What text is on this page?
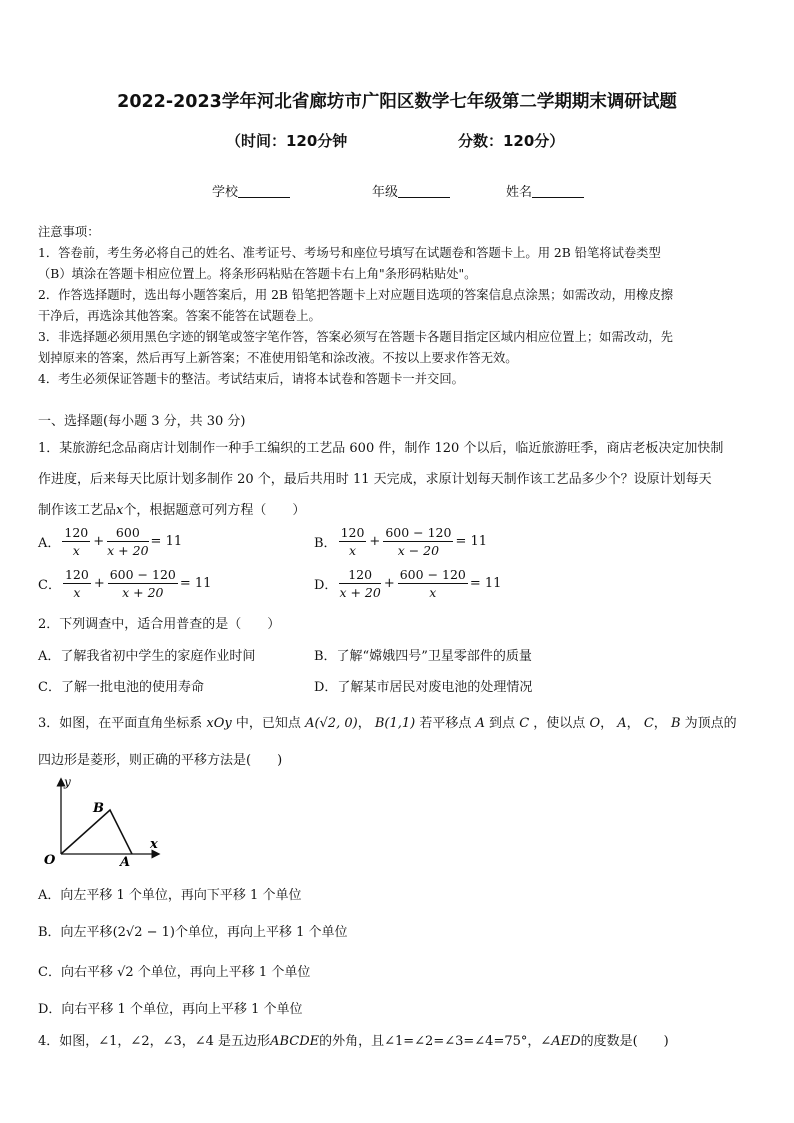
2022-2023学年河北省廊坊市广阳区数学七年级第二学期期末调研试题
（时间：120分钟	分数：120分）
学校	年级	姓名
注意事项：
1．答卷前，考生务必将自己的姓名、准考证号、考场号和座位号填写在试题卷和答题卡上。用 2B 铅笔将试卷类型
（B）填涂在答题卡相应位置上。将条形码粘贴在答题卡右上角"条形码粘贴处"。
2．作答选择题时，选出每小题答案后，用 2B 铅笔把答题卡上对应题目选项的答案信息点涂黑；如需改动，用橡皮擦
干净后，再选涂其他答案。答案不能答在试题卷上。
3．非选择题必须用黑色字迹的钢笔或签字笔作答，答案必须写在答题卡各题目指定区域内相应位置上；如需改动，先
划掉原来的答案，然后再写上新答案；不准使用铅笔和涂改液。不按以上要求作答无效。
4．考生必须保证答题卡的整洁。考试结束后，请将本试卷和答题卡一并交回。
一、选择题(每小题 3 分，共 30 分)
1．某旅游纪念品商店计划制作一种手工编织的工艺品 600 件，制作 120 个以后，临近旅游旺季，商店老板决定加快制
作进度，后来每天比原计划多制作 20 个，最后共用时 11 天完成，求原计划每天制作该工艺品多少个？设原计划每天
制作该工艺品x个，根据题意可列方程（　　）
A． $\frac{120}{x} + \frac{600}{x + 20} = 11$	B． $\frac{120}{x} + \frac{600 - 120}{x - 20} = 11$
C． $\frac{120}{x} + \frac{600 - 120}{x + 20} = 11$	D． $\frac{120}{x + 20} + \frac{600 - 120}{x} = 11$
2．下列调查中，适合用普查的是（　　）
A．了解我省初中学生的家庭作业时间	B．了解“嫦娥四号”卫星零部件的质量
C．了解一批电池的使用寿命	D．了解某市居民对废电池的处理情况
3．如图，在平面直角坐标系 xOy 中，已知点 A(√2, 0)， B(1,1) 若平移点 A 到点 C ，使以点 O， A， C， B 为顶点的
四边形是菱形，则正确的平移方法是(　　)
y
x
O	A
B
A．向左平移 1 个单位，再向下平移 1 个单位
B．向左平移(2√2 − 1)个单位，再向上平移 1 个单位
C．向右平移 √2 个单位，再向上平移 1 个单位
D．向右平移 1 个单位，再向上平移 1 个单位
4．如图，∠1，∠2，∠3，∠4 是五边形ABCDE的外角，且∠1=∠2=∠3=∠4=75°，∠AED的度数是(　　)
